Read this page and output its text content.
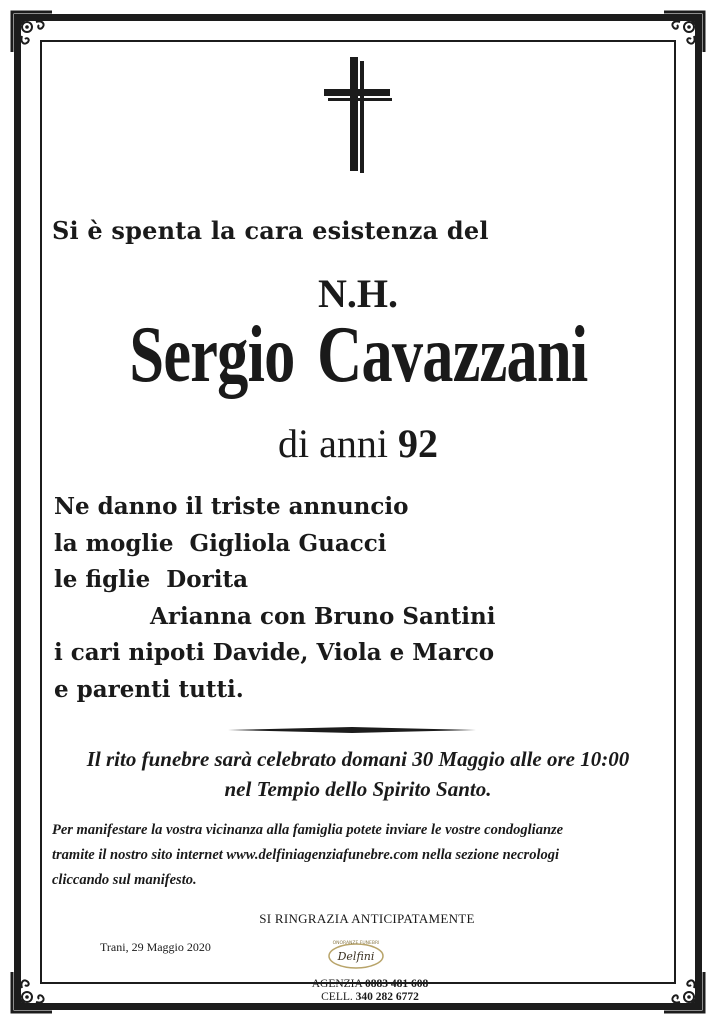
Si è spenta la cara esistenza del
N.H.
Sergio Cavazzani
di anni 92
Ne danno il triste annuncio
la moglie  Gigliola Guacci
le figlie  Dorita
Arianna con Bruno Santini
i cari nipoti Davide, Viola e Marco
e parenti tutti.
Il rito funebre sarà celebrato domani 30 Maggio alle ore 10:00
nel Tempio dello Spirito Santo.
Per manifestare la vostra vicinanza alla famiglia potete inviare le vostre condoglianze
tramite il nostro sito internet www.delfiniagenziafunebre.com nella sezione necrologi
cliccando sul manifesto.
SI RINGRAZIA ANTICIPATAMENTE
Trani, 29 Maggio 2020	ONORANZE FUNEBRI
Delfini
AGENZIA 0883 481 608
CELL. 340 282 6772
